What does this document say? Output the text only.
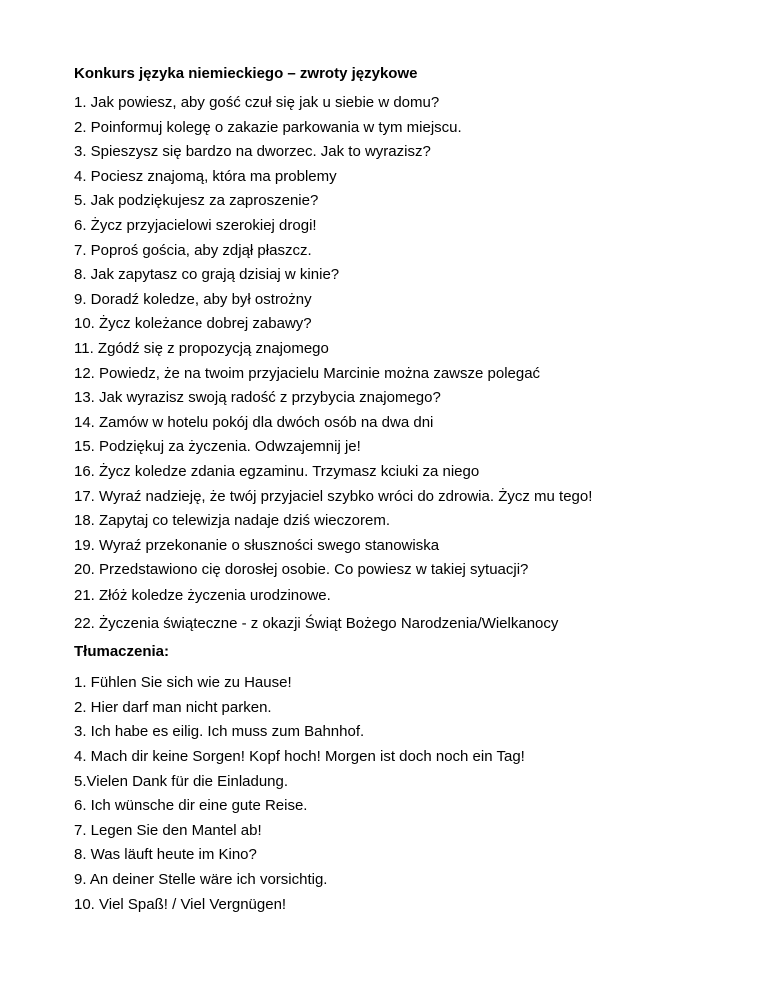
Konkurs języka niemieckiego – zwroty językowe

1. Jak powiesz, aby gość czuł się jak u siebie w domu?
2. Poinformuj kolegę o zakazie parkowania w tym miejscu.
3. Spieszysz się bardzo na dworzec. Jak to wyrazisz?
4. Pociesz znajomą, która ma problemy
5. Jak podziękujesz za zaproszenie?
6. Życz przyjacielowi szerokiej drogi!
7. Poproś gościa, aby zdjął płaszcz.
8. Jak zapytasz co grają dzisiaj w kinie?
9. Doradź koledze, aby był ostrożny
10. Życz koleżance dobrej zabawy?
11. Zgódź się z propozycją znajomego
12. Powiedz, że na twoim przyjacielu Marcinie można zawsze polegać
13. Jak wyrazisz swoją radość z przybycia znajomego?
14. Zamów w hotelu pokój dla dwóch osób na dwa dni
15. Podziękuj za życzenia. Odwzajemnij je!
16. Życz koledze zdania egzaminu. Trzymasz kciuki za niego
17. Wyraź nadzieję, że twój przyjaciel szybko wróci do zdrowia. Życz mu tego!
18. Zapytaj co telewizja nadaje dziś wieczorem.
19. Wyraź przekonanie o słuszności swego stanowiska
20. Przedstawiono cię dorosłej osobie. Co powiesz w takiej sytuacji?
21. Złóż koledze życzenia urodzinowe.
22. Życzenia świąteczne - z okazji Świąt Bożego Narodzenia/Wielkanocy

Tłumaczenia:

1. Fühlen Sie sich wie zu Hause!
2. Hier darf man nicht parken.
3. Ich habe es eilig. Ich muss zum Bahnhof.
4. Mach dir keine Sorgen! Kopf hoch! Morgen ist doch noch ein Tag!
5.Vielen Dank für die Einladung.
6. Ich wünsche dir eine gute Reise.
7. Legen Sie den Mantel ab!
8. Was läuft heute im Kino?
9. An deiner Stelle wäre ich vorsichtig.
10. Viel Spaß! / Viel Vergnügen!
